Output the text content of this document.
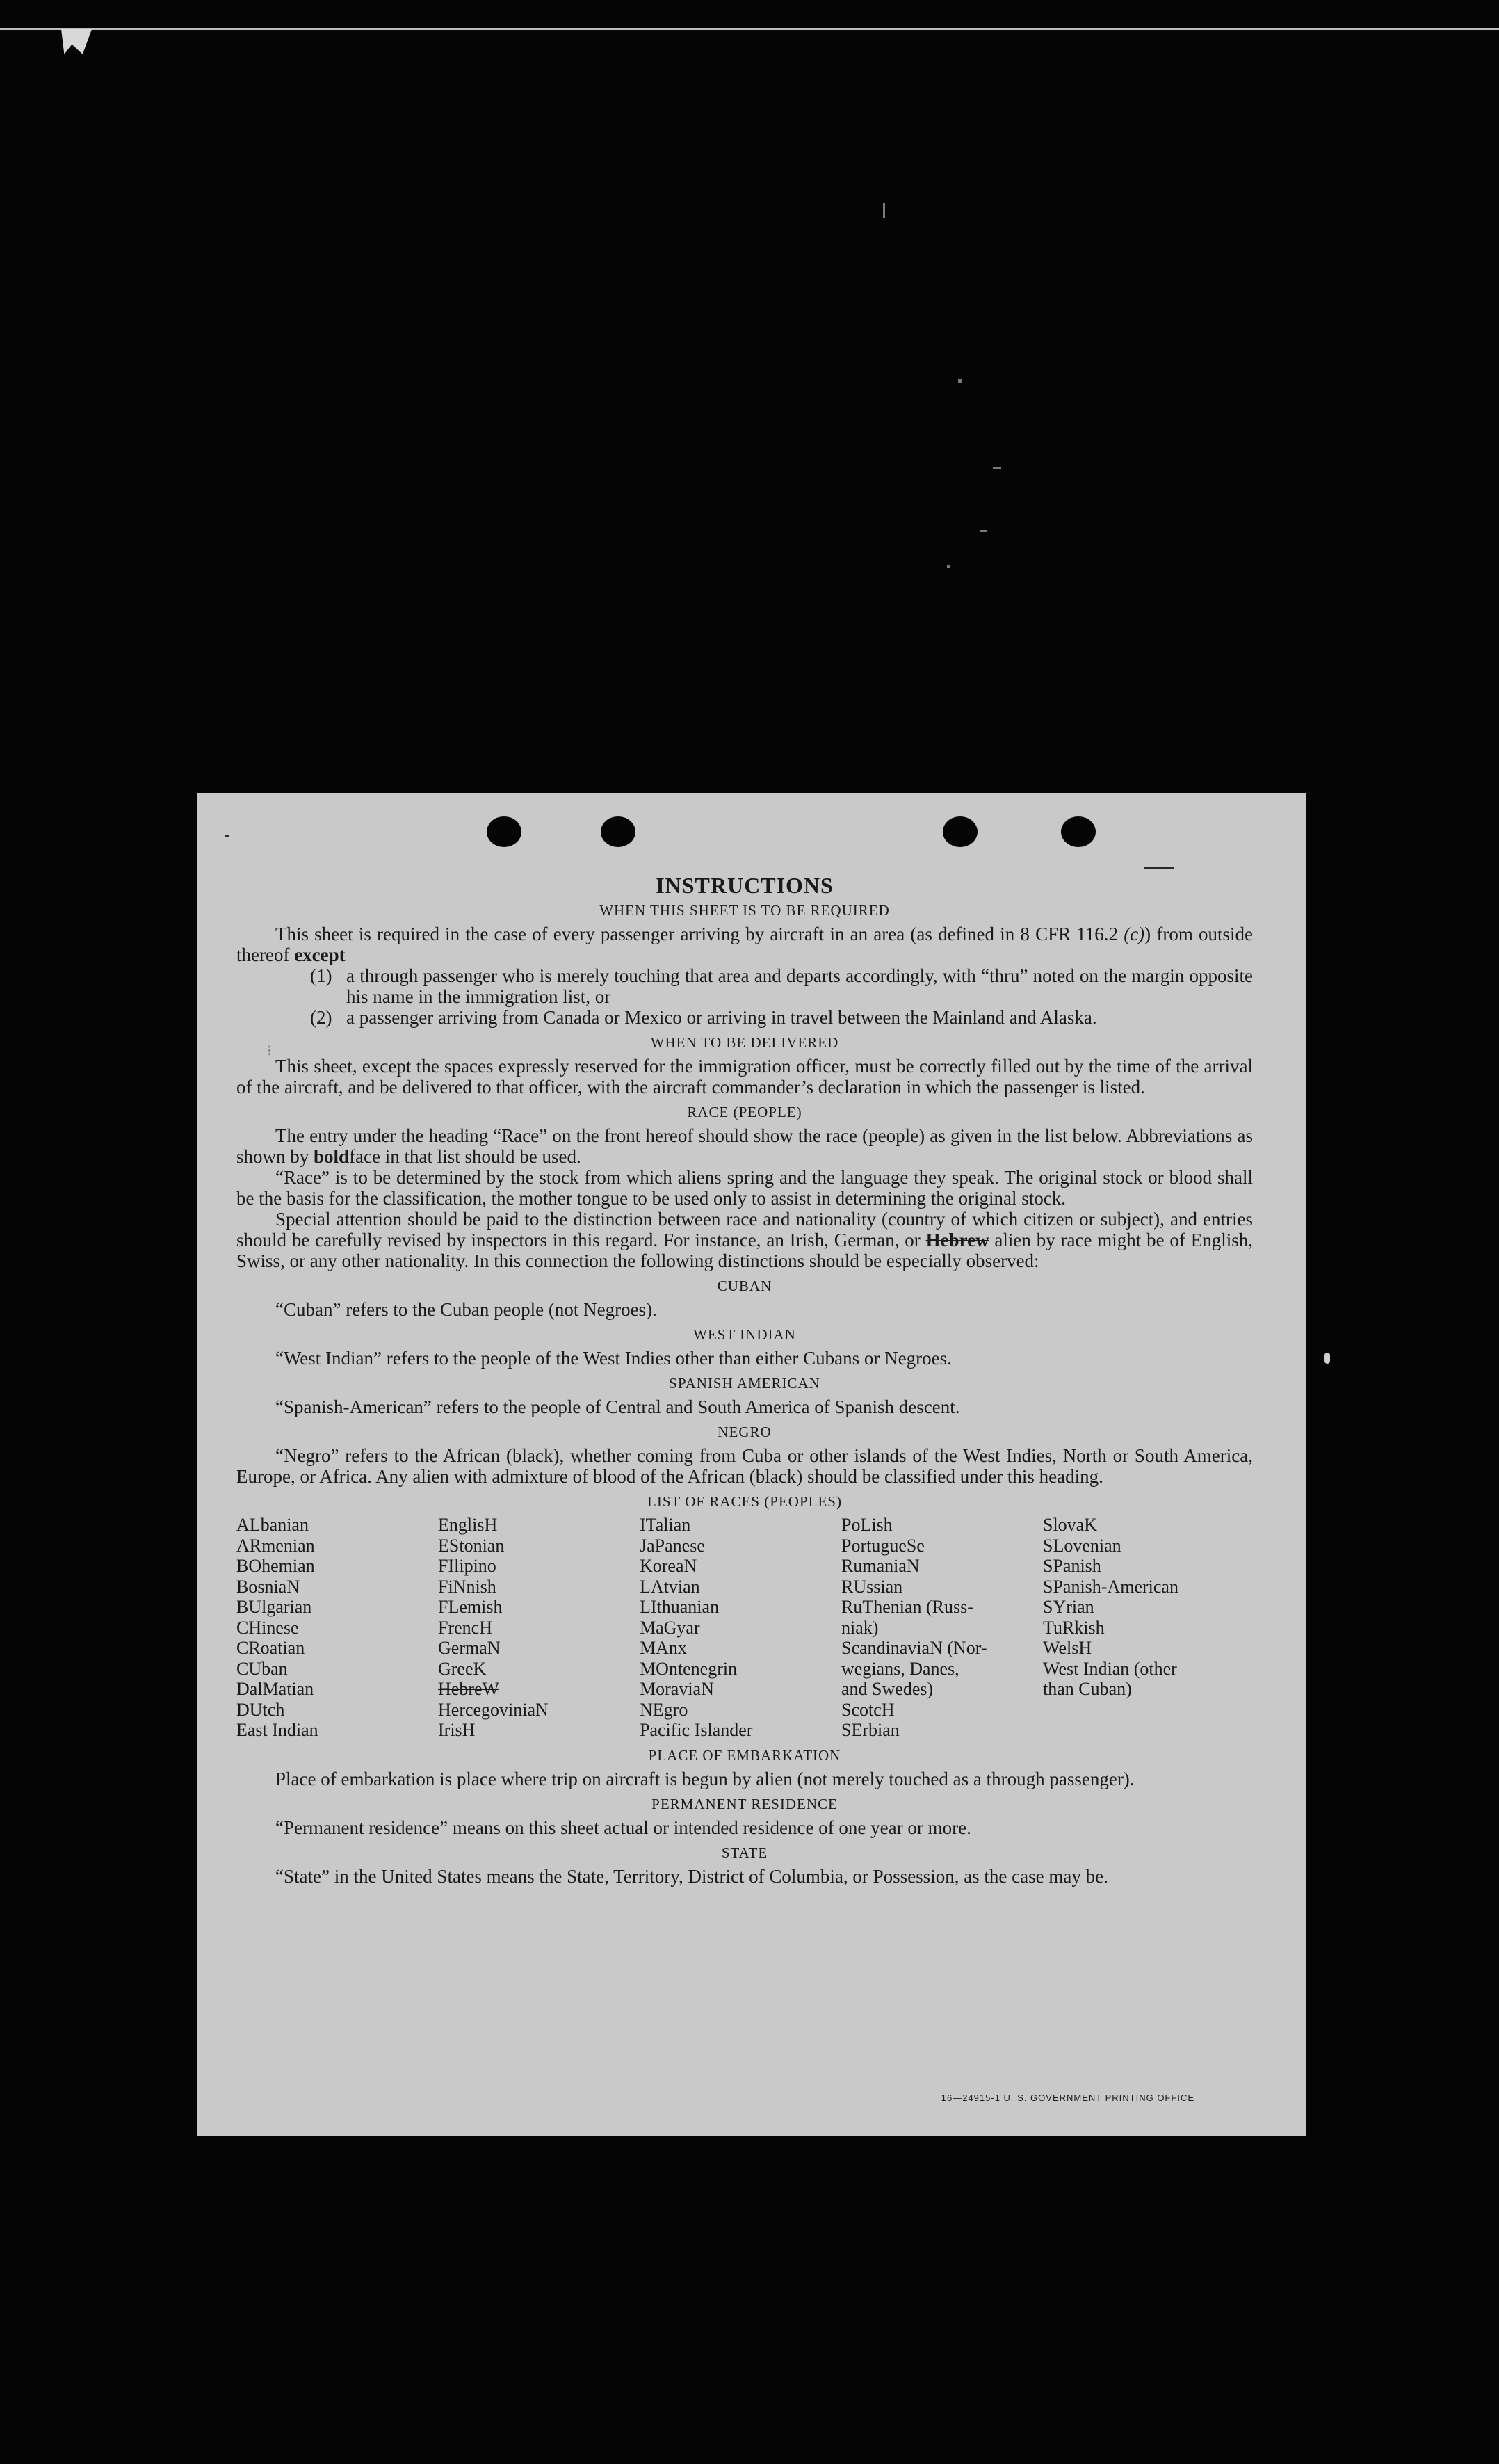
⁝
INSTRUCTIONS
WHEN THIS SHEET IS TO BE REQUIRED

This sheet is required in the case of every passenger arriving by aircraft in an area (as defined in 8 CFR 116.2 (c)) from outside thereof except

(1) a through passenger who is merely touching that area and departs accordingly, with “thru” noted on the margin opposite his name in the immigration list, or
(2) a passenger arriving from Canada or Mexico or arriving in travel between the Mainland and Alaska.
WHEN TO BE DELIVERED

This sheet, except the spaces expressly reserved for the immigration officer, must be correctly filled out by the time of the arrival of the aircraft, and be delivered to that officer, with the aircraft commander’s declaration in which the passenger is listed.

RACE (PEOPLE)

The entry under the heading “Race” on the front hereof should show the race (people) as given in the list below. Abbreviations as shown by boldface in that list should be used.

“Race” is to be determined by the stock from which aliens spring and the language they speak. The original stock or blood shall be the basis for the classification, the mother tongue to be used only to assist in determining the original stock.

Special attention should be paid to the distinction between race and nationality (country of which citizen or subject), and entries should be carefully revised by inspectors in this regard. For instance, an Irish, German, or Hebrew alien by race might be of English, Swiss, or any other nationality. In this connection the following distinctions should be especially observed:

CUBAN

“Cuban” refers to the Cuban people (not Negroes).

WEST INDIAN

“West Indian” refers to the people of the West Indies other than either Cubans or Negroes.

SPANISH AMERICAN

“Spanish-American” refers to the people of Central and South America of Spanish descent.

NEGRO

“Negro” refers to the African (black), whether coming from Cuba or other islands of the West Indies, North or South America, Europe, or Africa. Any alien with admixture of blood of the African (black) should be classified under this heading.

LIST OF RACES (PEOPLES)
ALbanian
ARmenian
BOhemian
BosniaN
BUlgarian
CHinese
CRoatian
CUban
DalMatian
DUtch
East Indian
EnglisH
EStonian
FIlipino
FiNnish
FLemish
FrencH
GermaN
GreeK
HebreW
HercegoviniaN
IrisH
ITalian
JaPanese
KoreaN
LAtvian
LIthuanian
MaGyar
MAnx
MOntenegrin
MoraviaN
NEgro
Pacific Islander
PoLish
PortugueSe
RumaniaN
RUssian
RuThenian (Russ-
niak)
ScandinaviaN (Nor-
wegians, Danes,
and Swedes)
ScotcH
SErbian
SlovaK
SLovenian
SPanish
SPanish-American
SYrian
TuRkish
WelsH
West Indian (other
than Cuban)
PLACE OF EMBARKATION

Place of embarkation is place where trip on aircraft is begun by alien (not merely touched as a through passenger).

PERMANENT RESIDENCE

“Permanent residence” means on this sheet actual or intended residence of one year or more.

STATE

“State” in the United States means the State, Territory, District of Columbia, or Possession, as the case may be.

16—24915-1 U. S. GOVERNMENT PRINTING OFFICE
